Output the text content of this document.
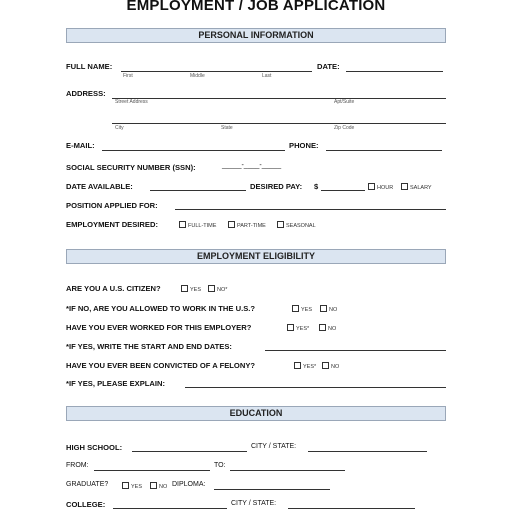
EMPLOYMENT / JOB APPLICATION
PERSONAL INFORMATION
FULL NAME:
First	Middle	Last
DATE:
ADDRESS:
Street Address	Apt/Suite
City	State	Zip Code
E-MAIL:	PHONE:
SOCIAL SECURITY NUMBER (SSN):	_____-____-_____
DATE AVAILABLE:	DESIRED PAY: $	HOUR	SALARY
POSITION APPLIED FOR:
EMPLOYMENT DESIRED:	FULL-TIME	PART-TIME	SEASONAL
EMPLOYMENT ELIGIBILITY
ARE YOU A U.S. CITIZEN?	YES	NO*
*IF NO, ARE YOU ALLOWED TO WORK IN THE U.S.?	YES	NO
HAVE YOU EVER WORKED FOR THIS EMPLOYER?	YES*	NO
*IF YES, WRITE THE START AND END DATES:
HAVE YOU EVER BEEN CONVICTED OF A FELONY?	YES*	NO
*IF YES, PLEASE EXPLAIN:
EDUCATION
HIGH SCHOOL:	CITY / STATE:
FROM:	TO:
GRADUATE?	YES	NO DIPLOMA:
COLLEGE:	CITY / STATE:
